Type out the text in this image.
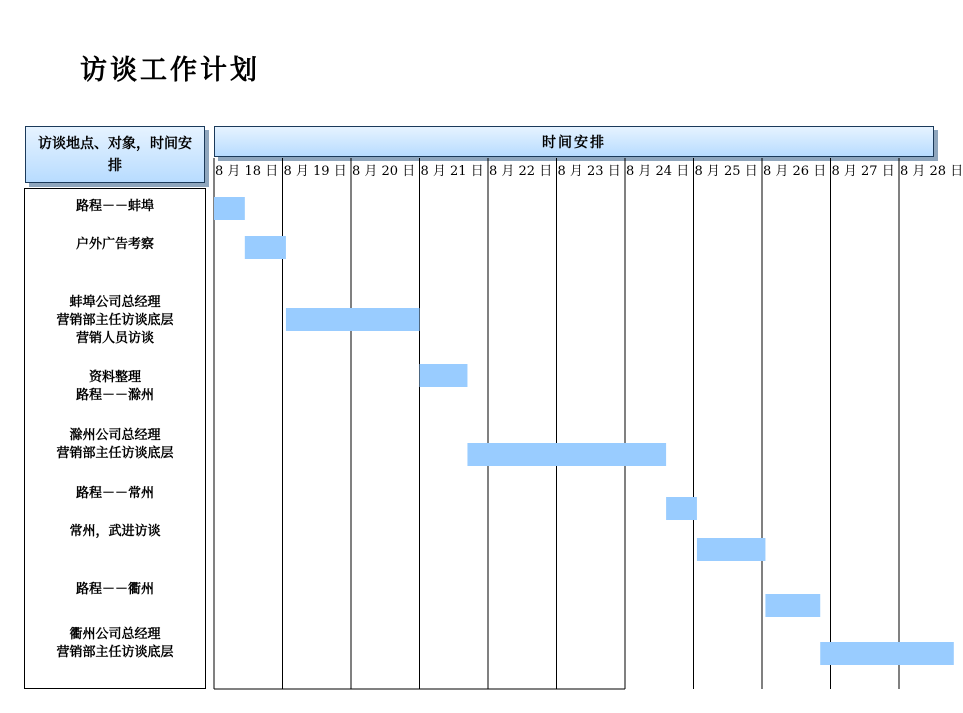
访谈工作计划
访谈地点、对象，时间安排
时间安排
路程－－蚌埠
户外广告考察
蚌埠公司总经理
营销部主任访谈底层
营销人员访谈
资料整理
路程－－滁州
滁州公司总经理
营销部主任访谈底层
路程－－常州
常州，武进访谈
路程－－衢州
衢州公司总经理
营销部主任访谈底层
8 月 18 日 8 月 19 日 8 月 20 日 8 月 21 日 8 月 22 日 8 月 23 日 8 月 24 日 8 月 25 日 8 月 26 日 8 月 27 日 8 月 28 日
